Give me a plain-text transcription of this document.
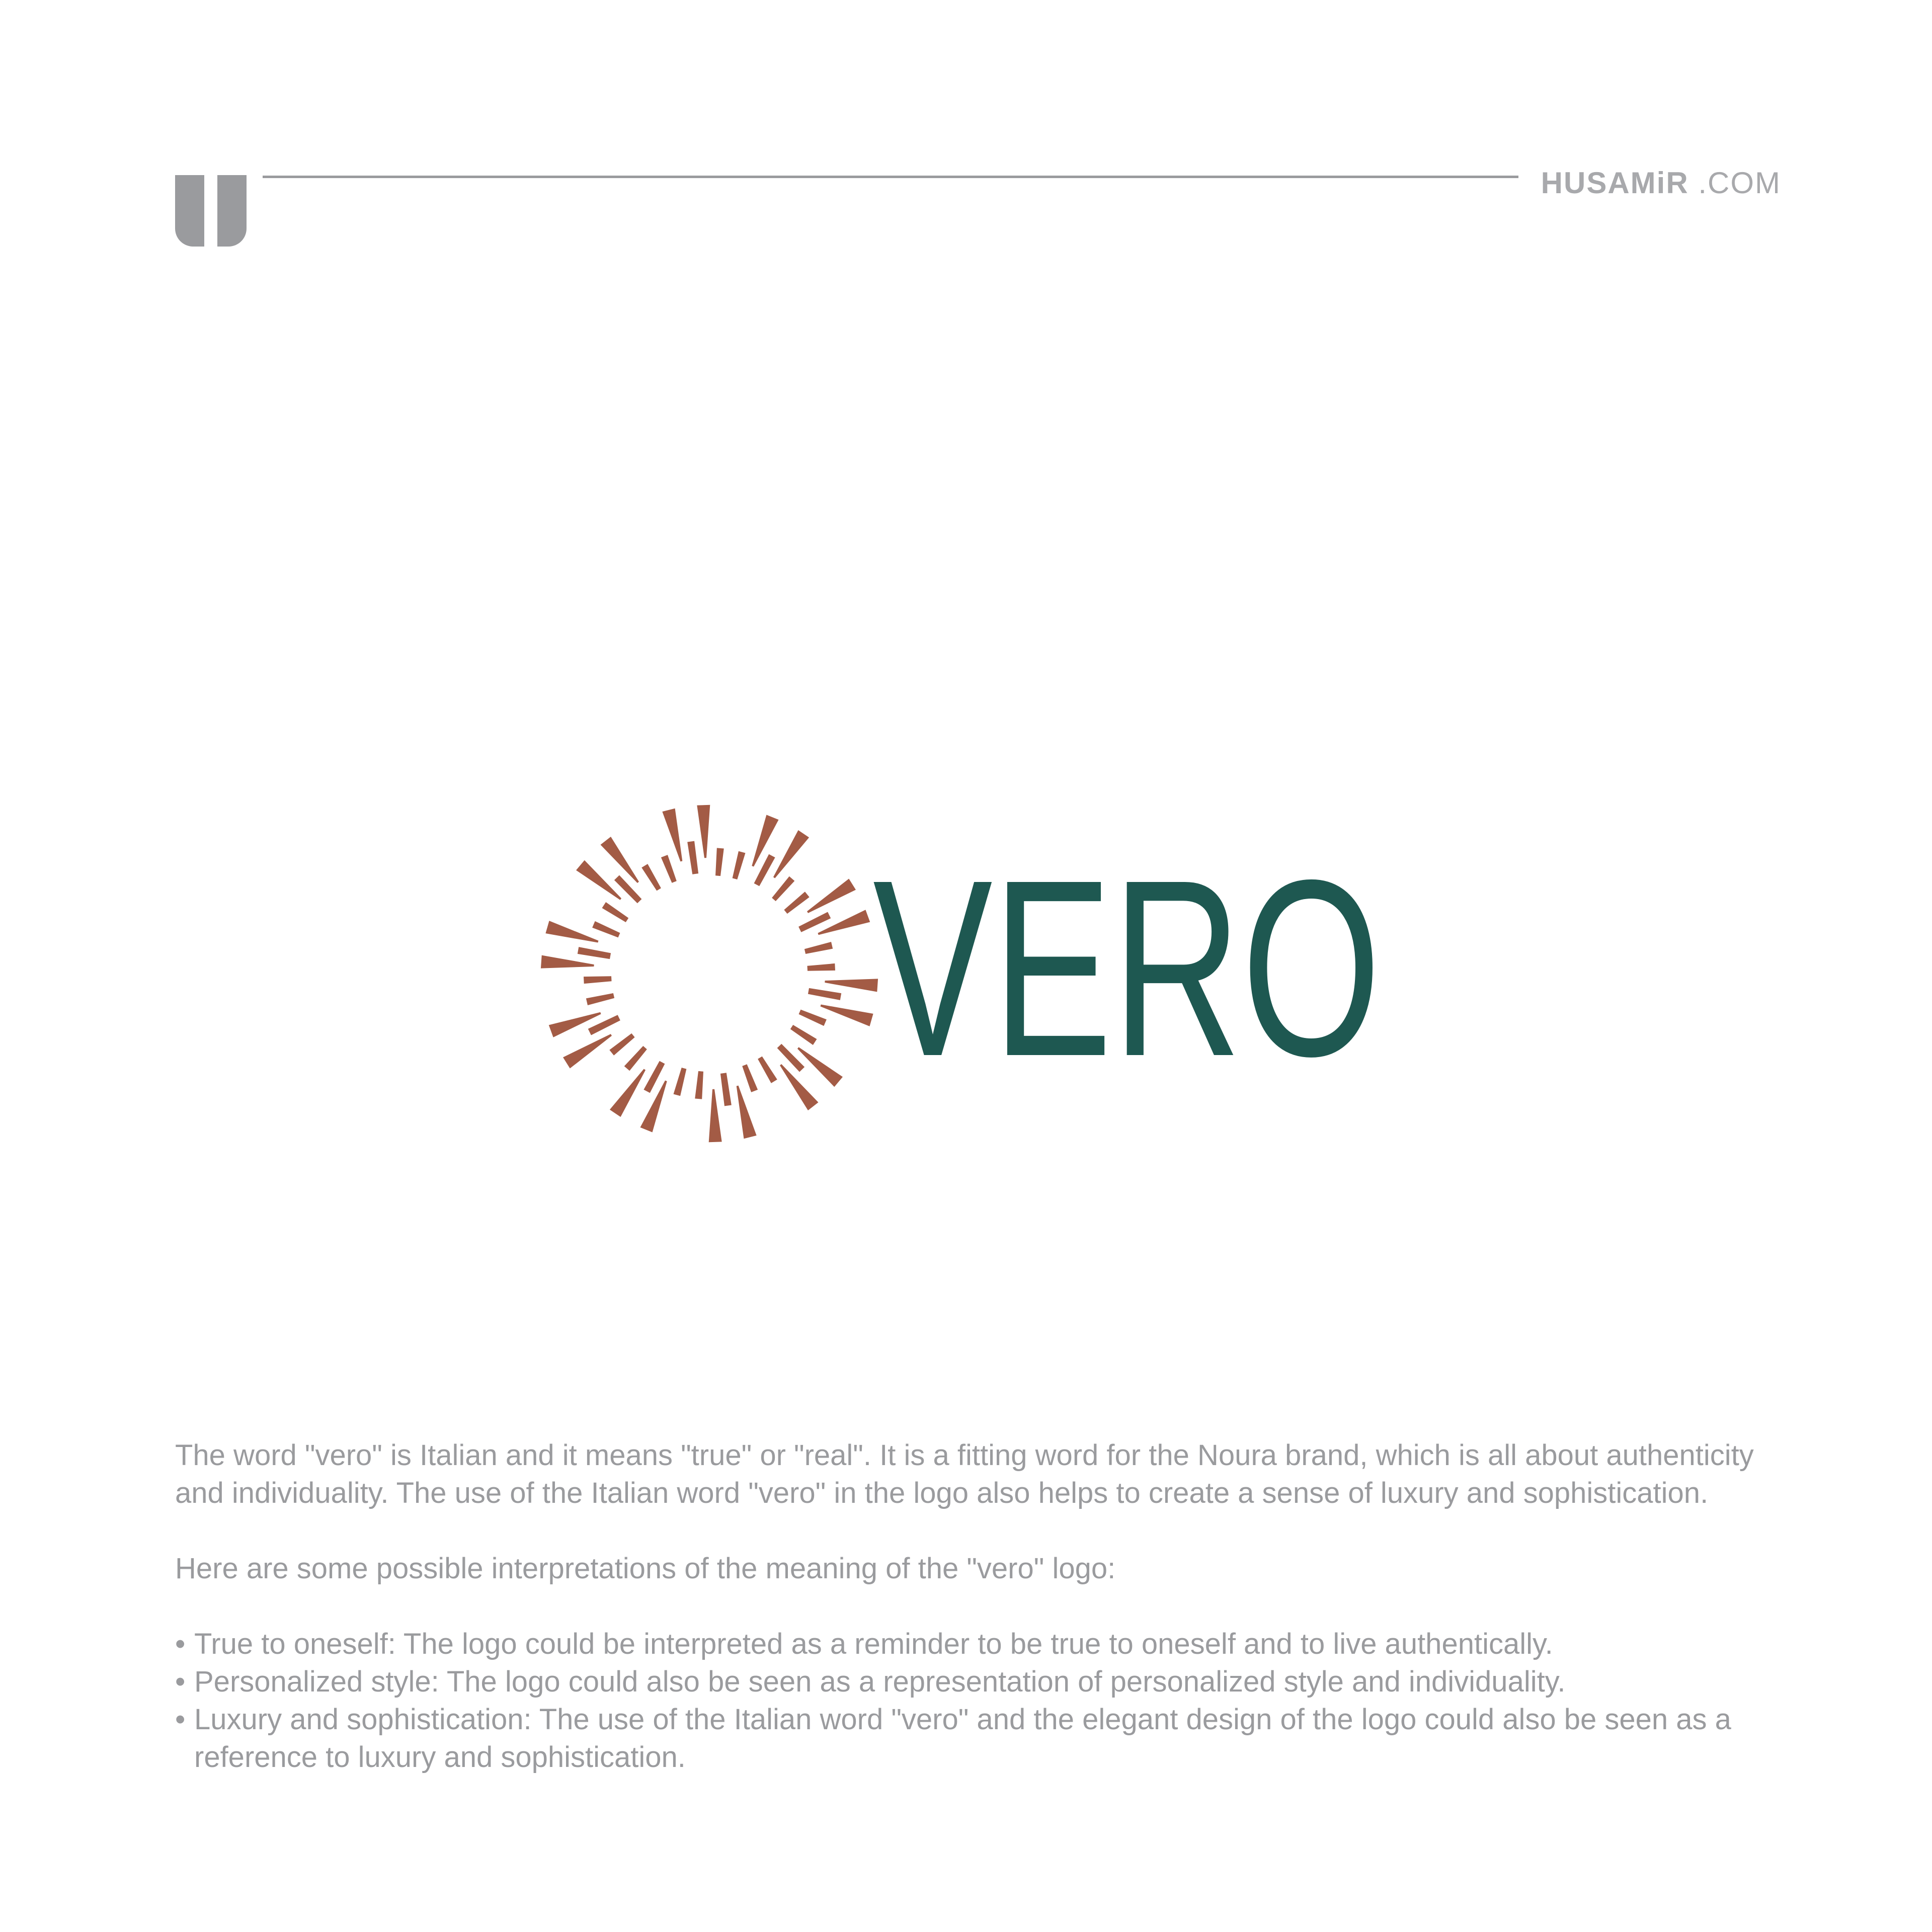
HUSAMiR .COM
VERO

The word "vero" is Italian and it means "true" or "real". It is a fitting word for the Noura brand, which is all about authenticity and individuality. The use of the Italian word "vero" in the logo also helps to create a sense of luxury and sophistication.

Here are some possible interpretations of the meaning of the "vero" logo:

• True to oneself: The logo could be interpreted as a reminder to be true to oneself and to live authentically.
• Personalized style: The logo could also be seen as a representation of personalized style and individuality.
• Luxury and sophistication: The use of the Italian word "vero" and the elegant design of the logo could also be seen as a reference to luxury and sophistication.
